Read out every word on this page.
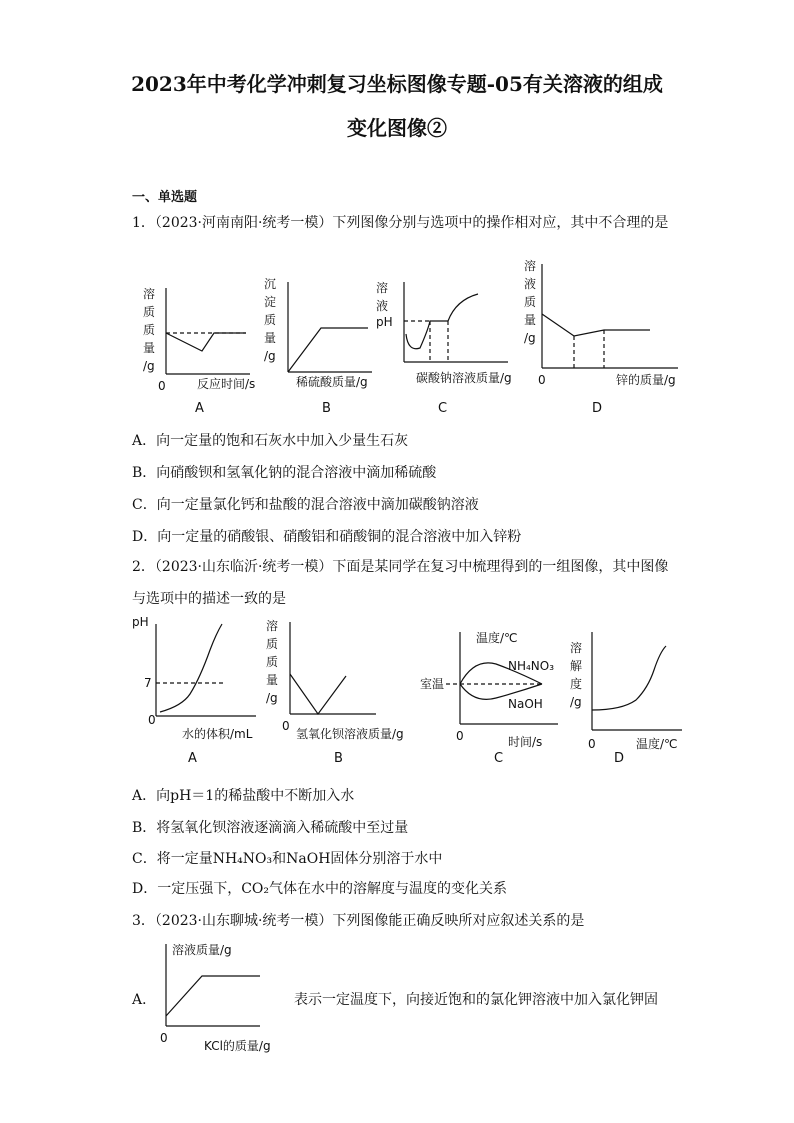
2023年中考化学冲刺复习坐标图像专题-05有关溶液的组成
变化图像②
一、单选题
1．（2023·河南南阳·统考一模）下列图像分别与选项中的操作相对应，其中不合理的是
溶
质
质
量
/g
0	反应时间/s
A
沉
淀
质
量
/g
稀硫酸质量/g
B
溶
液
pH
碳酸钠溶液质量/g
C
溶
液
质
量
/g
0	锌的质量/g
D
A．向一定量的饱和石灰水中加入少量生石灰
B．向硝酸钡和氢氧化钠的混合溶液中滴加稀硫酸
C．向一定量氯化钙和盐酸的混合溶液中滴加碳酸钠溶液
D．向一定量的硝酸银、硝酸铝和硝酸铜的混合溶液中加入锌粉
2．（2023·山东临沂·统考一模）下面是某同学在复习中梳理得到的一组图像，其中图像
与选项中的描述一致的是
pH
7
0
水的体积/mL
A
溶
质
质
量
/g
0
氢氧化钡溶液质量/g
B
温度/℃
NH₄NO₃
NaOH
室温
0	时间/s
C
溶
解
度
/g
0	温度/℃
D
A．向pH＝1的稀盐酸中不断加入水
B．将氢氧化钡溶液逐滴滴入稀硫酸中至过量
C．将一定量NH₄NO₃和NaOH固体分别溶于水中
D．一定压强下，CO₂气体在水中的溶解度与温度的变化关系
3．（2023·山东聊城·统考一模）下列图像能正确反映所对应叙述关系的是
A．
溶液质量/g
0
KCl的质量/g
表示一定温度下，向接近饱和的氯化钾溶液中加入氯化钾固
